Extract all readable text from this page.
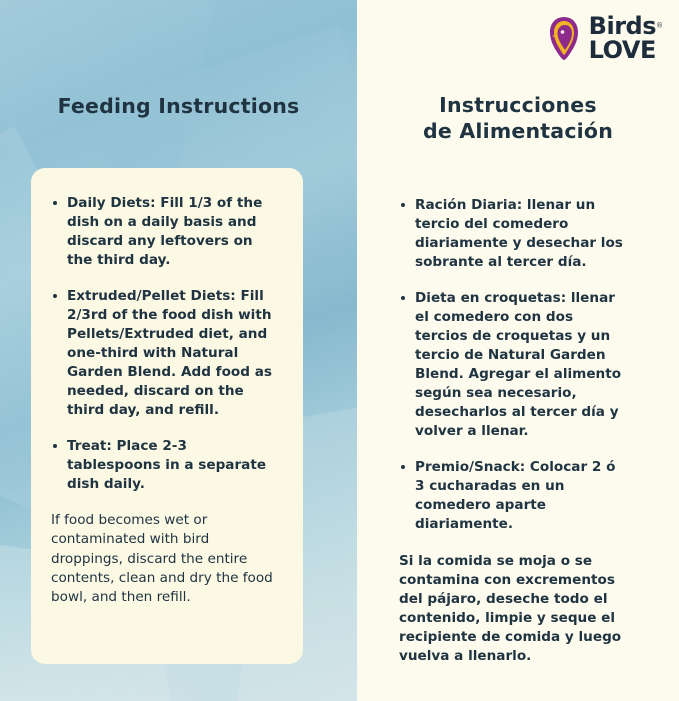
Feeding Instructions
Daily Diets: Fill 1/3 of the dish on a daily basis and discard any leftovers on the third day.
Extruded/Pellet Diets: Fill 2/3rd of the food dish with Pellets/Extruded diet, and one-third with Natural Garden Blend. Add food as needed, discard on the third day, and refill.
Treat: Place 2-3 tablespoons in a separate dish daily.
If food becomes wet or contaminated with bird droppings, discard the entire contents, clean and dry the food bowl, and then refill.
Birds®
LOVE
Instrucciones
de Alimentación
Ración Diaria: llenar un tercio del comedero diariamente y desechar los sobrante al tercer día.
Dieta en croquetas: llenar el comedero con dos tercios de croquetas y un tercio de Natural Garden Blend. Agregar el alimento según sea necesario, desecharlos al tercer día y volver a llenar.
Premio/Snack: Colocar 2 ó 3 cucharadas en un comedero aparte diariamente.
Si la comida se moja o se contamina con excrementos del pájaro, deseche todo el contenido, limpie y seque el recipiente de comida y luego vuelva a llenarlo.
